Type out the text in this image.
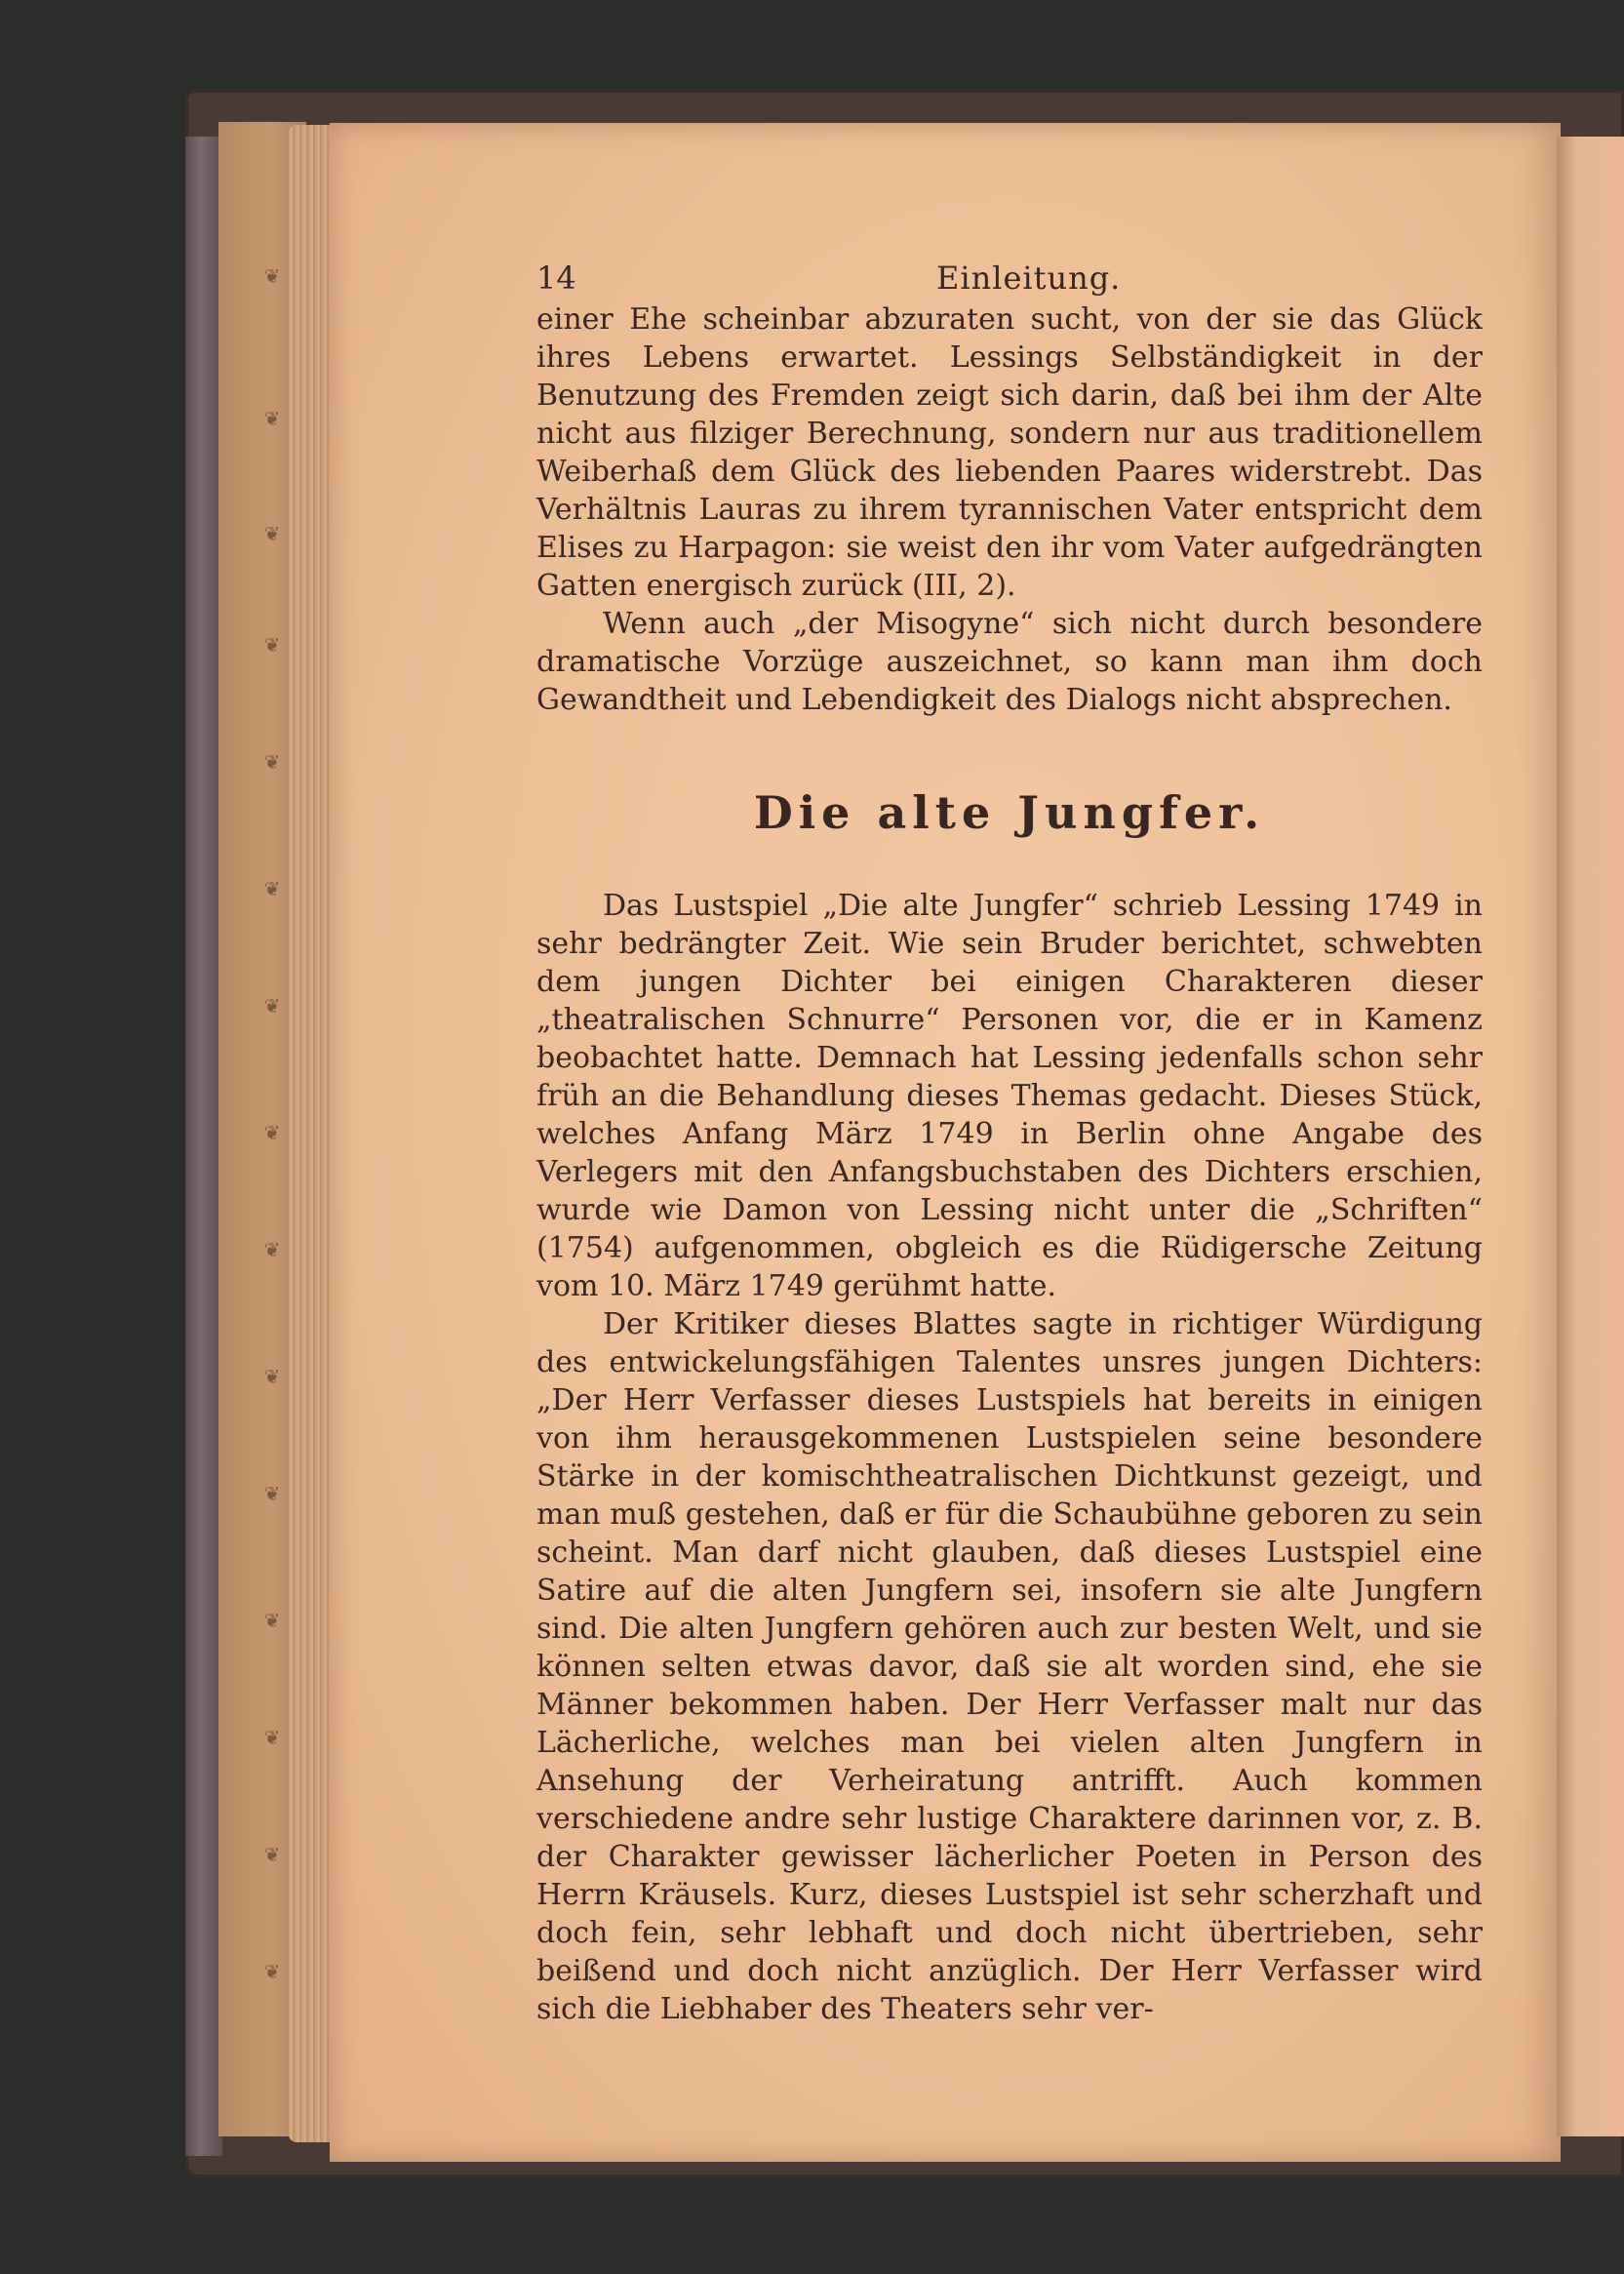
❦
❦
❦
❦
❦
❦
❦
❦
❦
❦
❦
❦
❦
❦
❦
14	Einleitung.

einer Ehe scheinbar abzuraten sucht, von der sie das Glück ihres Lebens erwartet. Lessings Selbständigkeit in der Benutzung des Fremden zeigt sich darin, daß bei ihm der Alte nicht aus filziger Berechnung, sondern nur aus traditionellem Weiberhaß dem Glück des liebenden Paares widerstrebt. Das Verhältnis Lauras zu ihrem tyrannischen Vater entspricht dem Elises zu Harpagon: sie weist den ihr vom Vater aufgedrängten Gatten energisch zurück (III, 2).

Wenn auch „der Misogyne“ sich nicht durch besondere dramatische Vorzüge auszeichnet, so kann man ihm doch Gewandtheit und Lebendigkeit des Dialogs nicht absprechen.

Die alte Jungfer.

Das Lustspiel „Die alte Jungfer“ schrieb Lessing 1749 in sehr bedrängter Zeit. Wie sein Bruder berichtet, schwebten dem jungen Dichter bei einigen Charakteren dieser „theatralischen Schnurre“ Personen vor, die er in Kamenz beobachtet hatte. Demnach hat Lessing jedenfalls schon sehr früh an die Behandlung dieses Themas gedacht. Dieses Stück, welches Anfang März 1749 in Berlin ohne Angabe des Verlegers mit den Anfangsbuchstaben des Dichters erschien, wurde wie Damon von Lessing nicht unter die „Schriften“ (1754) aufgenommen, obgleich es die Rüdigersche Zeitung vom 10. März 1749 gerühmt hatte.

Der Kritiker dieses Blattes sagte in richtiger Würdigung des entwickelungsfähigen Talentes unsres jungen Dichters: „Der Herr Verfasser dieses Lustspiels hat bereits in einigen von ihm herausgekommenen Lustspielen seine besondere Stärke in der komischtheatralischen Dichtkunst gezeigt, und man muß gestehen, daß er für die Schaubühne geboren zu sein scheint. Man darf nicht glauben, daß dieses Lustspiel eine Satire auf die alten Jungfern sei, insofern sie alte Jungfern sind. Die alten Jungfern gehören auch zur besten Welt, und sie können selten etwas davor, daß sie alt worden sind, ehe sie Männer bekommen haben. Der Herr Verfasser malt nur das Lächerliche, welches man bei vielen alten Jungfern in Ansehung der Verheiratung antrifft. Auch kommen verschiedene andre sehr lustige Charaktere darinnen vor, z. B. der Charakter gewisser lächerlicher Poeten in Person des Herrn Kräusels. Kurz, dieses Lustspiel ist sehr scherzhaft und doch fein, sehr lebhaft und doch nicht übertrieben, sehr beißend und doch nicht anzüglich. Der Herr Verfasser wird sich die Liebhaber des Theaters sehr ver-
